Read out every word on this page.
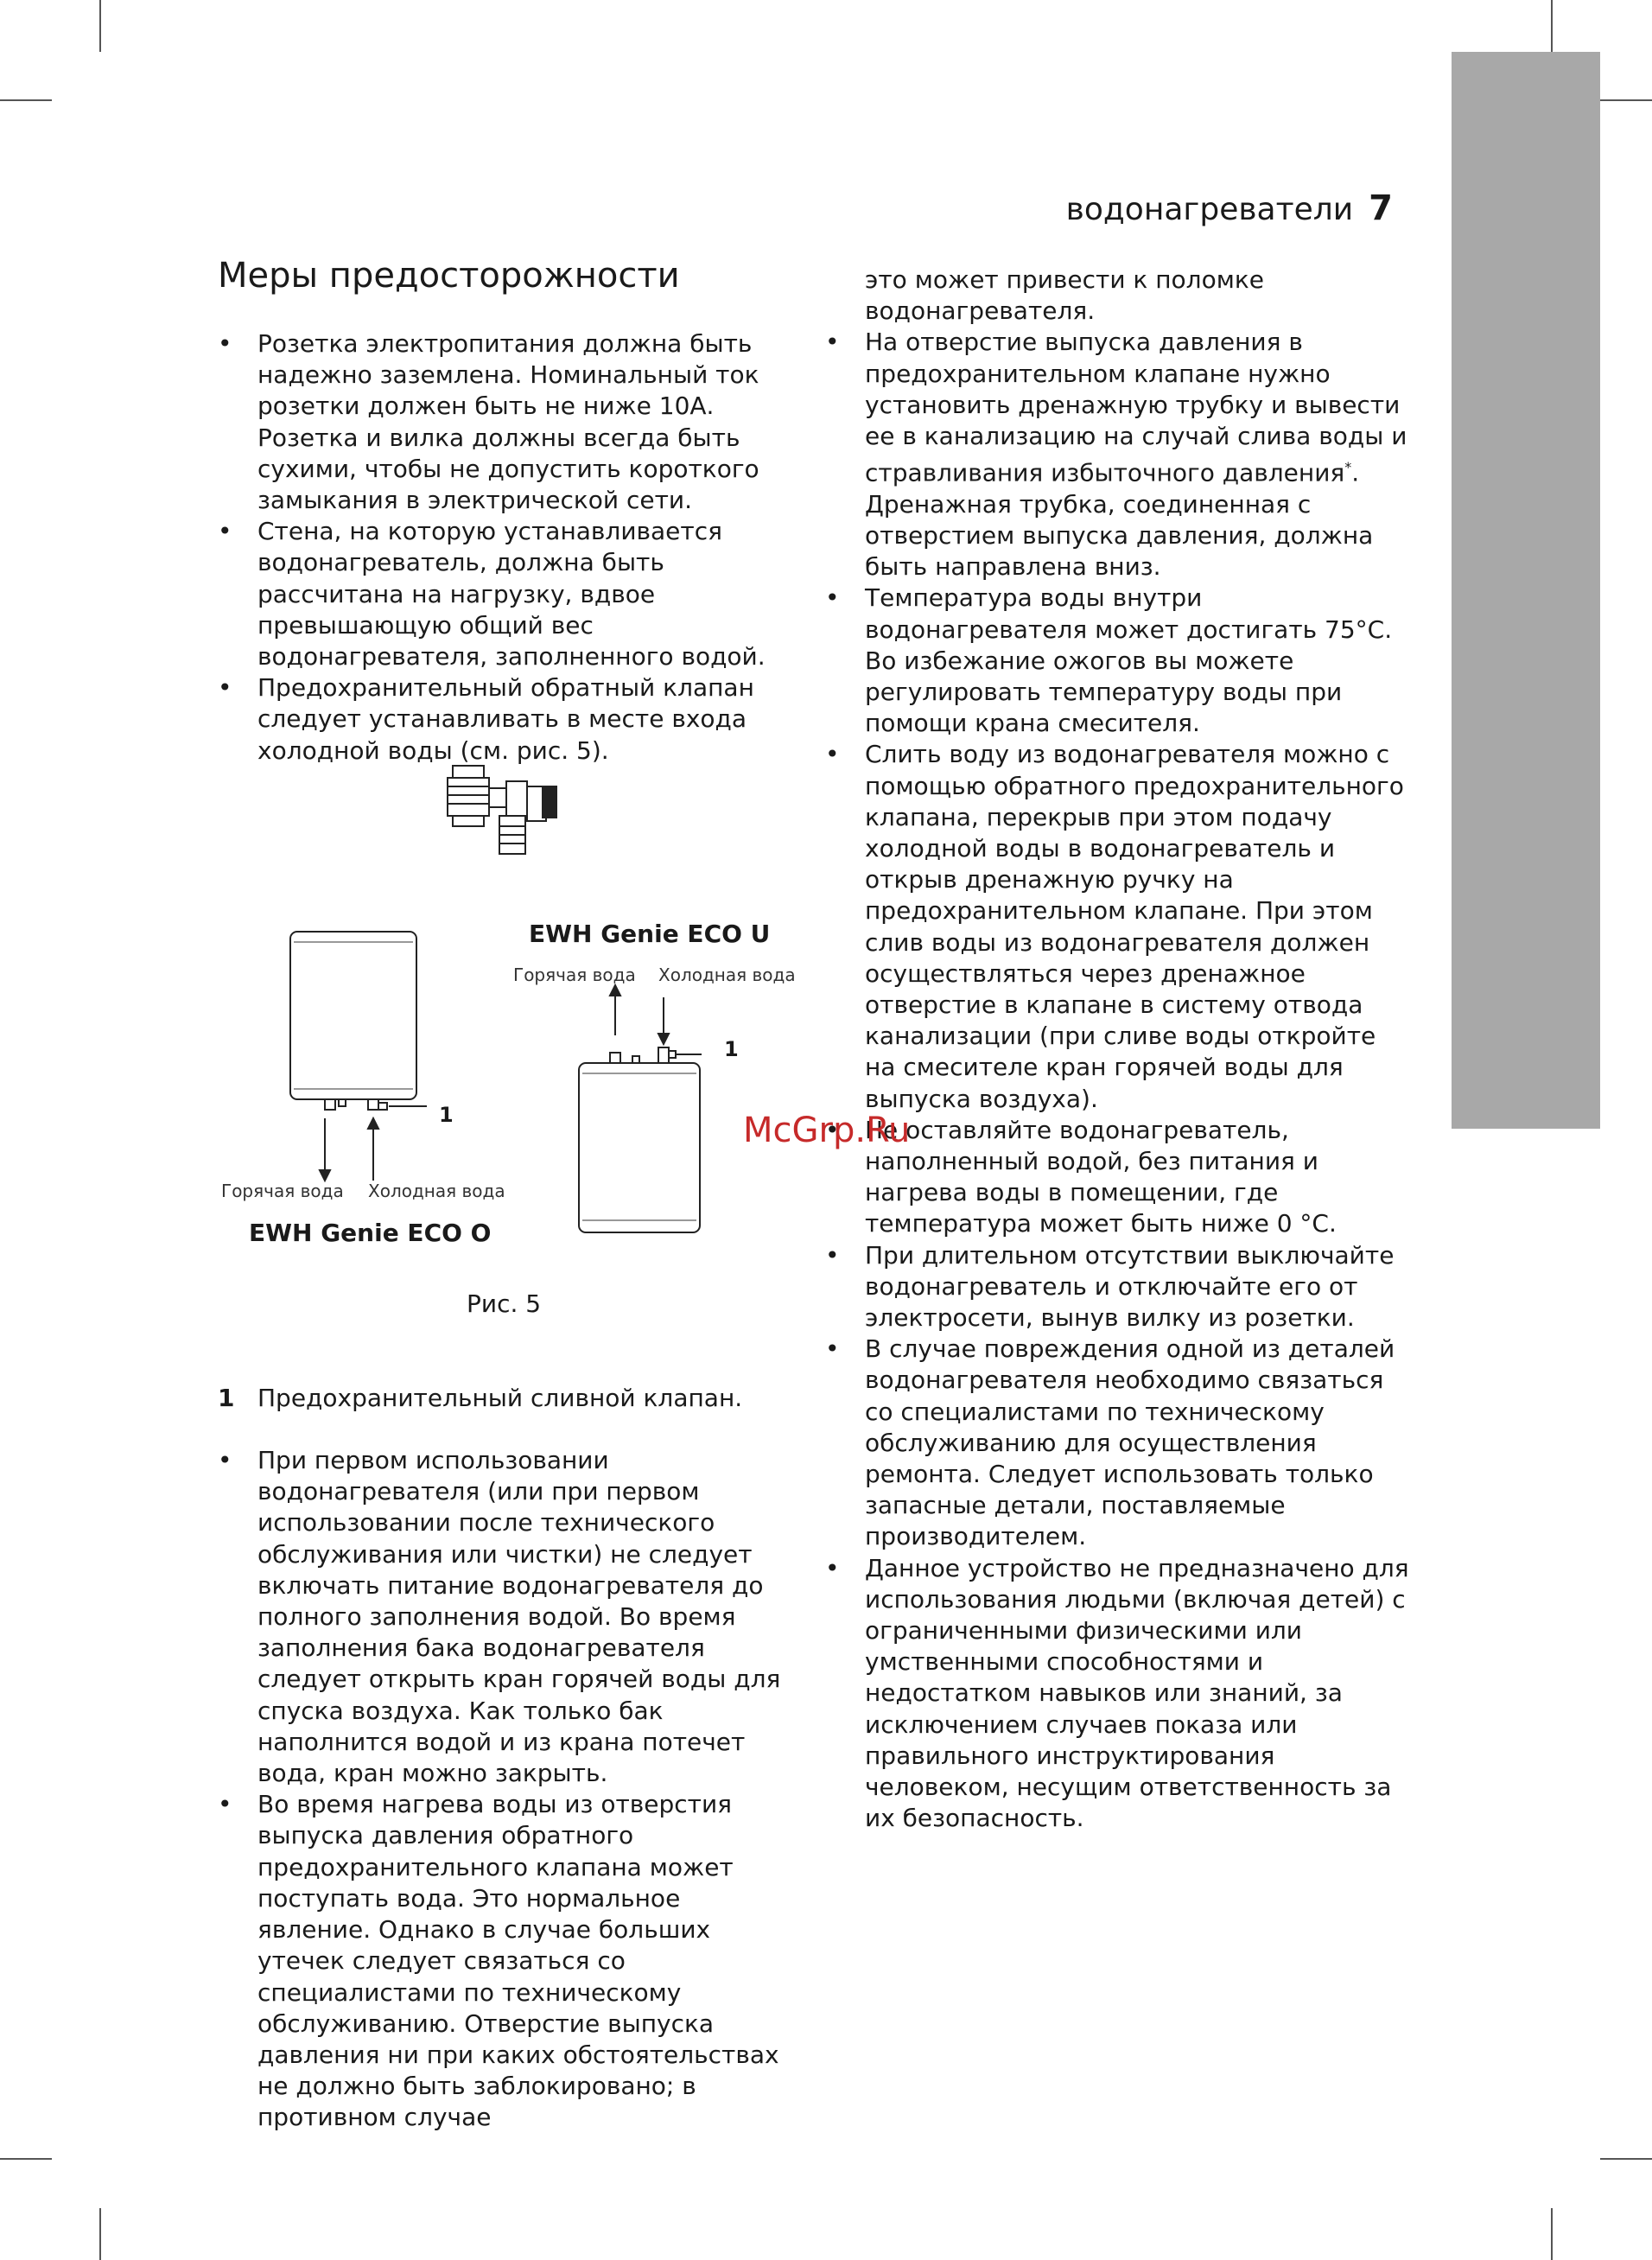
водонагреватели 7
Меры предосторожности
• Розетка электропитания должна быть надежно заземлена. Номинальный ток розетки должен быть не ниже 10А. Розетка и вилка должны всегда быть сухими, чтобы не допустить короткого замыкания в электрической сети.
• Стена, на которую устанавливается водонагреватель, должна быть рассчитана на нагрузку, вдвое превышающую общий вес водонагревателя, заполненного водой.
• Предохранительный обратный клапан следует устанавливать в месте входа холодной воды (см. рис. 5).
1 Предохранительный сливной клапан.
• При первом использовании водонагревателя (или при первом использовании после технического обслуживания или чистки) не следует включать питание водонагревателя до полного заполнения водой. Во время заполнения бака водонагревателя следует открыть кран горячей воды для спуска воздуха. Как только бак наполнится водой и из крана потечет вода, кран можно закрыть.
• Во время нагрева воды из отверстия выпуска давления обратного предохранительного клапана может поступать вода. Это нормальное явление. Однако в случае больших утечек следует связаться со специалистами по техническому обслуживанию. Отверстие выпуска давления ни при каких обстоятельствах не должно быть заблокировано; в противном случае
EWH Genie ECO U
Горячая вода Холодная вода
1
1
Горячая вода Холодная вода
EWH Genie ECO O
Рис. 5
это может привести к поломке водонагревателя.
• На отверстие выпуска давления в предохранительном клапане нужно установить дренажную трубку и вывести ее в канализацию на случай слива воды и стравливания избыточного давления*. Дренажная трубка, соединенная с отверстием выпуска давления, должна быть направлена вниз.
• Температура воды внутри водонагревателя может достигать 75°С. Во избежание ожогов вы можете регулировать температуру воды при помощи крана смесителя.
• Слить воду из водонагревателя можно с помощью обратного предохранительного клапана, перекрыв при этом подачу холодной воды в водонагреватель и открыв дренажную ручку на предохранительном клапане. При этом слив воды из водонагревателя должен осуществляться через дренажное отверстие в клапане в систему отвода канализации (при сливе воды откройте на смесителе кран горячей воды для выпуска воздуха).
• Не оставляйте водонагреватель, наполненный водой, без питания и нагрева воды в помещении, где температура может быть ниже 0 °С.
• При длительном отсутствии выключайте водонагреватель и отключайте его от электросети, вынув вилку из розетки.
• В случае повреждения одной из деталей водонагревателя необходимо связаться со специалистами по техническому обслуживанию для осуществления ремонта. Следует использовать только запасные детали, поставляемые производителем.
• Данное устройство не предназначено для использования людьми (включая детей) с ограниченными физическими или умственными способностями и недостатком навыков или знаний, за исключением случаев показа или правильного инструктирования человеком, несущим ответственность за их безопасность.
McGrp.Ru
